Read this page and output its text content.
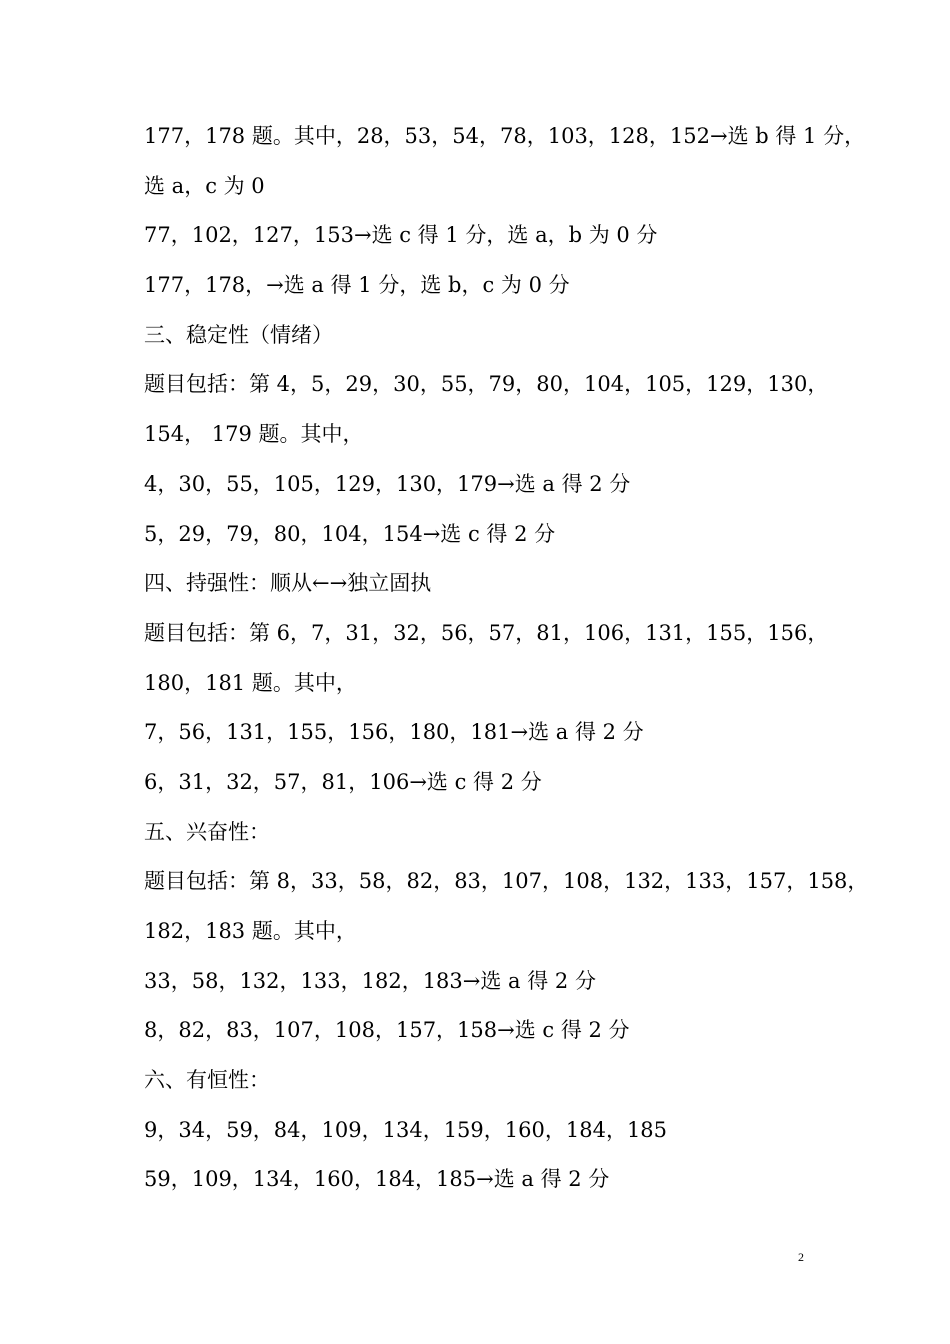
177，178 题。其中，28，53，54，78，103，128，152→选 b 得 1 分，
选 a，c 为 0
77，102，127，153→选 c 得 1 分，选 a，b 为 0 分
177，178，→选 a 得 1 分，选 b，c 为 0 分
三、稳定性（情绪）
题目包括：第 4，5，29，30，55，79，80，104，105，129，130，
154， 179 题。其中，
4，30，55，105，129，130，179→选 a 得 2 分
5，29，79，80，104，154→选 c 得 2 分
四、持强性：顺从←→独立固执
题目包括：第 6，7，31，32，56，57，81，106，131，155，156，
180，181 题。其中，
7，56，131，155，156，180，181→选 a 得 2 分
6，31，32，57，81，106→选 c 得 2 分
五、兴奋性：
题目包括：第 8，33，58，82，83，107，108，132，133，157，158，
182，183 题。其中，
33，58，132，133，182，183→选 a 得 2 分
8，82，83，107，108，157，158→选 c 得 2 分
六、有恒性：
9，34，59，84，109，134，159，160，184，185
59，109，134，160，184，185→选 a 得 2 分
2
